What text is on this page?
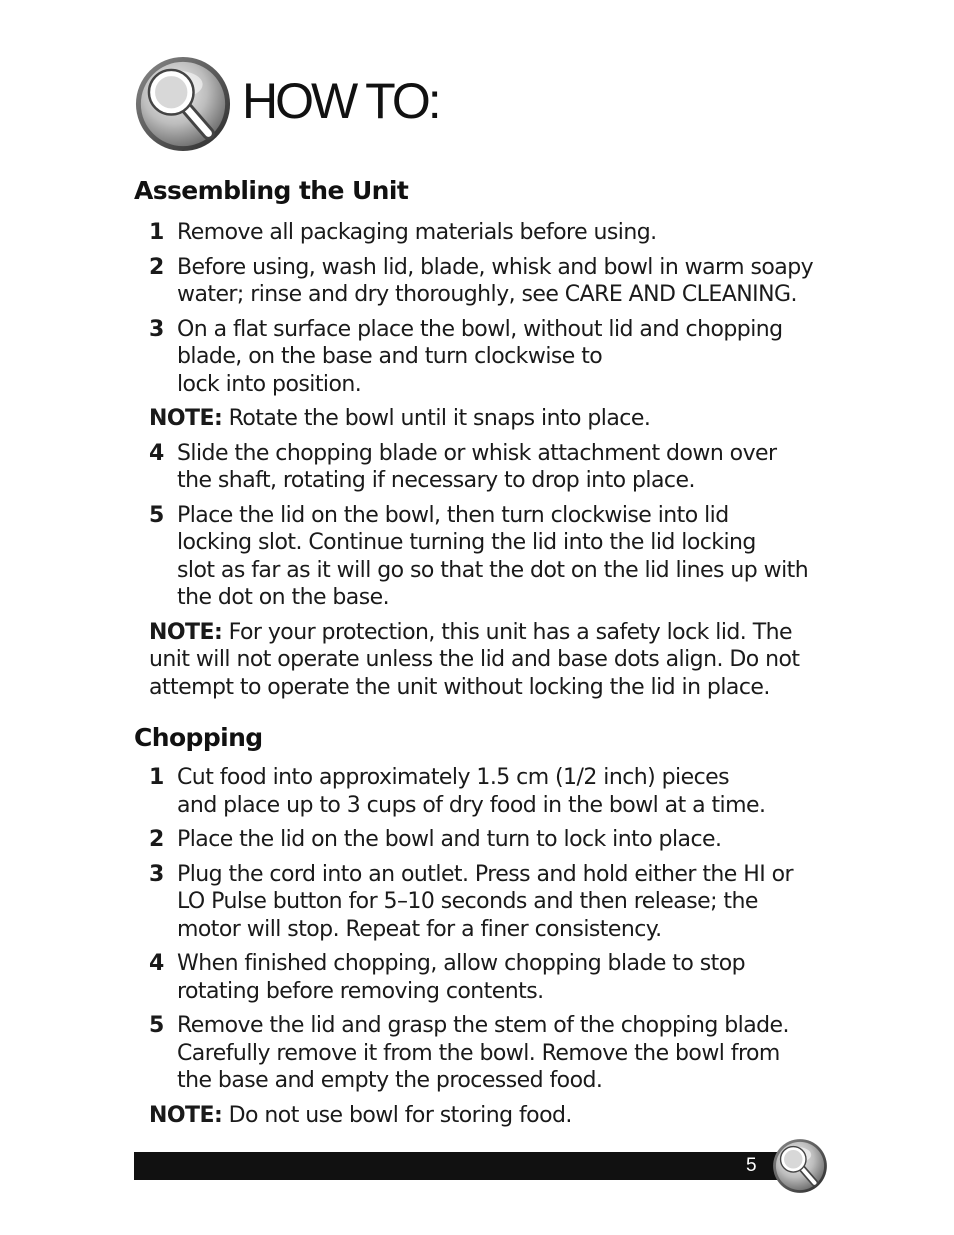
HOW TO:
Assembling the Unit
1 Remove all packaging materials before using.
2 Before using, wash lid, blade, whisk and bowl in warm soapy
water; rinse and dry thoroughly, see CARE AND CLEANING.
3 On a flat surface place the bowl, without lid and chopping
blade, on the base and turn clockwise to
lock into position.
NOTE: Rotate the bowl until it snaps into place.
4 Slide the chopping blade or whisk attachment down over
the shaft, rotating if necessary to drop into place.
5 Place the lid on the bowl, then turn clockwise into lid
locking slot. Continue turning the lid into the lid locking
slot as far as it will go so that the dot on the lid lines up with
the dot on the base.
NOTE: For your protection, this unit has a safety lock lid. The
unit will not operate unless the lid and base dots align. Do not
attempt to operate the unit without locking the lid in place.
Chopping
1 Cut food into approximately 1.5 cm (1/2 inch) pieces
and place up to 3 cups of dry food in the bowl at a time.
2 Place the lid on the bowl and turn to lock into place.
3 Plug the cord into an outlet. Press and hold either the HI or
LO Pulse button for 5–10 seconds and then release; the
motor will stop. Repeat for a finer consistency.
4 When finished chopping, allow chopping blade to stop
rotating before removing contents.
5 Remove the lid and grasp the stem of the chopping blade.
Carefully remove it from the bowl. Remove the bowl from
the base and empty the processed food.
NOTE: Do not use bowl for storing food.
5
